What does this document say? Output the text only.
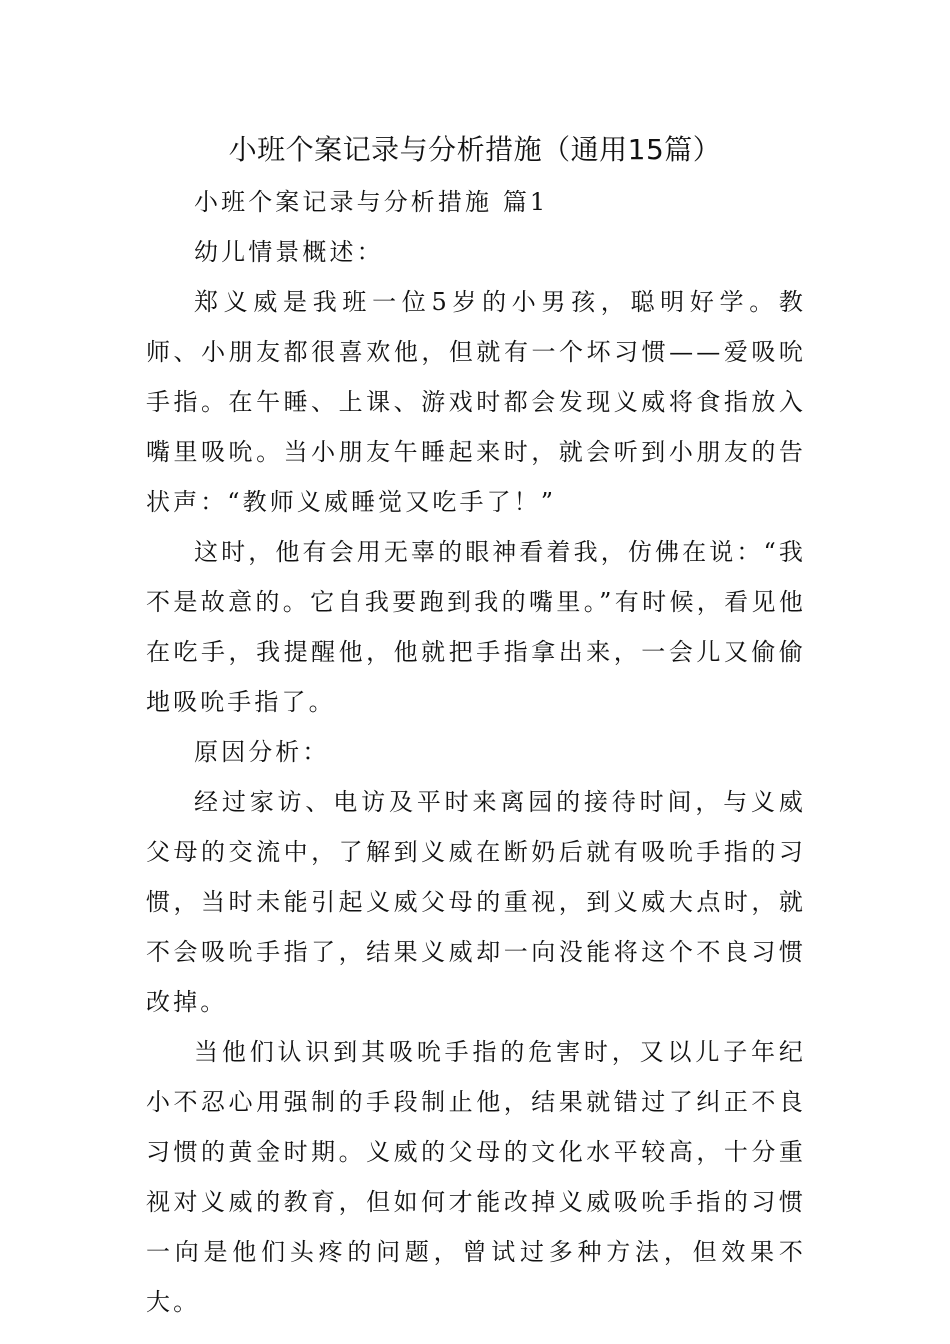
小班个案记录与分析措施（通用15篇）

小班个案记录与分析措施 篇1

幼儿情景概述：

郑义威是我班一位5岁的小男孩，聪明好学。教师、小朋友都很喜欢他，但就有一个坏习惯——爱吸吮手指。在午睡、上课、游戏时都会发现义威将食指放入嘴里吸吮。当小朋友午睡起来时，就会听到小朋友的告状声：“教师义威睡觉又吃手了！”

这时，他有会用无辜的眼神看着我，仿佛在说：“我不是故意的。它自我要跑到我的嘴里。”有时候，看见他在吃手，我提醒他，他就把手指拿出来，一会儿又偷偷地吸吮手指了。

原因分析：

经过家访、电访及平时来离园的接待时间，与义威父母的交流中，了解到义威在断奶后就有吸吮手指的习惯，当时未能引起义威父母的重视，到义威大点时，就不会吸吮手指了，结果义威却一向没能将这个不良习惯改掉。

当他们认识到其吸吮手指的危害时，又以儿子年纪小不忍心用强制的手段制止他，结果就错过了纠正不良习惯的黄金时期。义威的父母的文化水平较高，十分重视对义威的教育，但如何才能改掉义威吸吮手指的习惯一向是他们头疼的问题，曾试过多种方法，但效果不大。
